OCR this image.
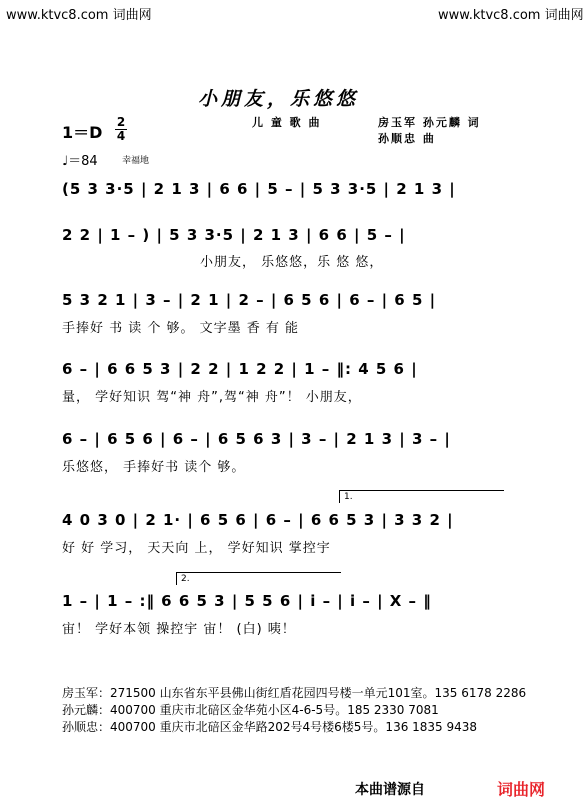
www.ktvc8.com 词曲网	www.ktvc8.com 词曲网
小朋友，乐悠悠
儿 童 歌 曲	房玉军 孙元麟 词
孙顺忠 曲
1＝D
2
4
♩＝84	幸福地
(5 3 3·5 | 2 1 3 | 6 6 | 5 – | 5 3 3·5 | 2 1 3 |
2 2 | 1 – ) | 5 3 3·5 | 2 1 3 | 6 6 | 5 – |
小朋友， 乐悠悠，乐 悠 悠，
5 3 2 1 | 3 – | 2 1 | 2 – | 6 5 6 | 6 – | 6 5 |
手捧好 书 读 个 够。 文字墨 香 有 能
6 – | 6 6 5 3 | 2 2 | 1 2 2 | 1 – ‖: 4 5 6 |
量， 学好知识 驾“神 舟”,驾“神 舟”！ 小朋友，
6 – | 6 5 6 | 6 – | 6 5 6 3 | 3 – | 2 1 3 | 3 – |
乐悠悠， 手捧好书 读个 够。
1.
4 0 3 0 | 2 1· | 6 5 6 | 6 – | 6 6 5 3 | 3 3 2 |
好 好 学习， 天天向 上， 学好知识 掌控宇
2.
1 – | 1 – :‖ 6 6 5 3 | 5 5 6 | i – | i – | X – ‖
宙！ 学好本领 操控宇 宙！ (白) 咦！
房玉军：271500 山东省东平县佛山街红盾花园四号楼一单元101室。135 6178 2286
孙元麟：400700 重庆市北碚区金华苑小区4-6-5号。185 2330 7081
孙顺忠：400700 重庆市北碚区金华路202号4号楼6楼5号。136 1835 9438
本曲谱源自	词曲网
